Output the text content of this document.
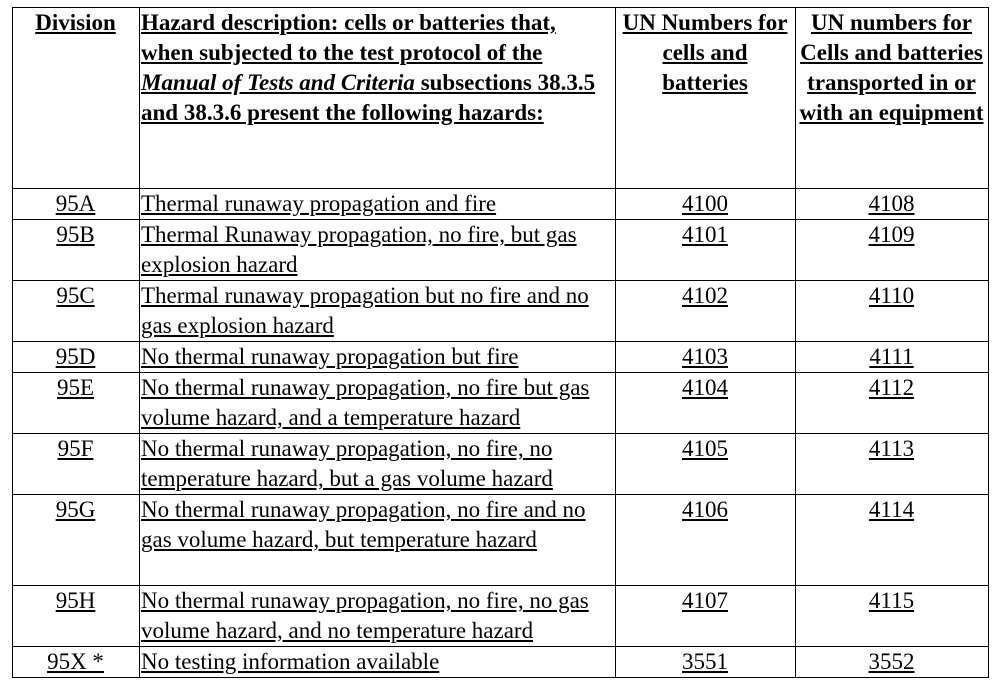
Division	Hazard description: cells or batteries that, when subjected to the test protocol of the Manual of Tests and Criteria subsections 38.3.5 and 38.3.6 present the following hazards:	UN Numbers for cells and batteries	UN numbers for Cells and batteries transported in or with an equipment
95A	Thermal runaway propagation and fire	4100	4108
95B	Thermal Runaway propagation, no fire, but gas explosion hazard	4101	4109
95C	Thermal runaway propagation but no fire and no gas explosion hazard	4102	4110
95D	No thermal runaway propagation but fire	4103	4111
95E	No thermal runaway propagation, no fire but gas volume hazard, and a temperature hazard	4104	4112
95F	No thermal runaway propagation, no fire, no temperature hazard, but a gas volume hazard	4105	4113
95G	No thermal runaway propagation, no fire and no gas volume hazard, but temperature hazard	4106	4114
95H	No thermal runaway propagation, no fire, no gas volume hazard, and no temperature hazard	4107	4115
95X *	No testing information available	3551	3552
